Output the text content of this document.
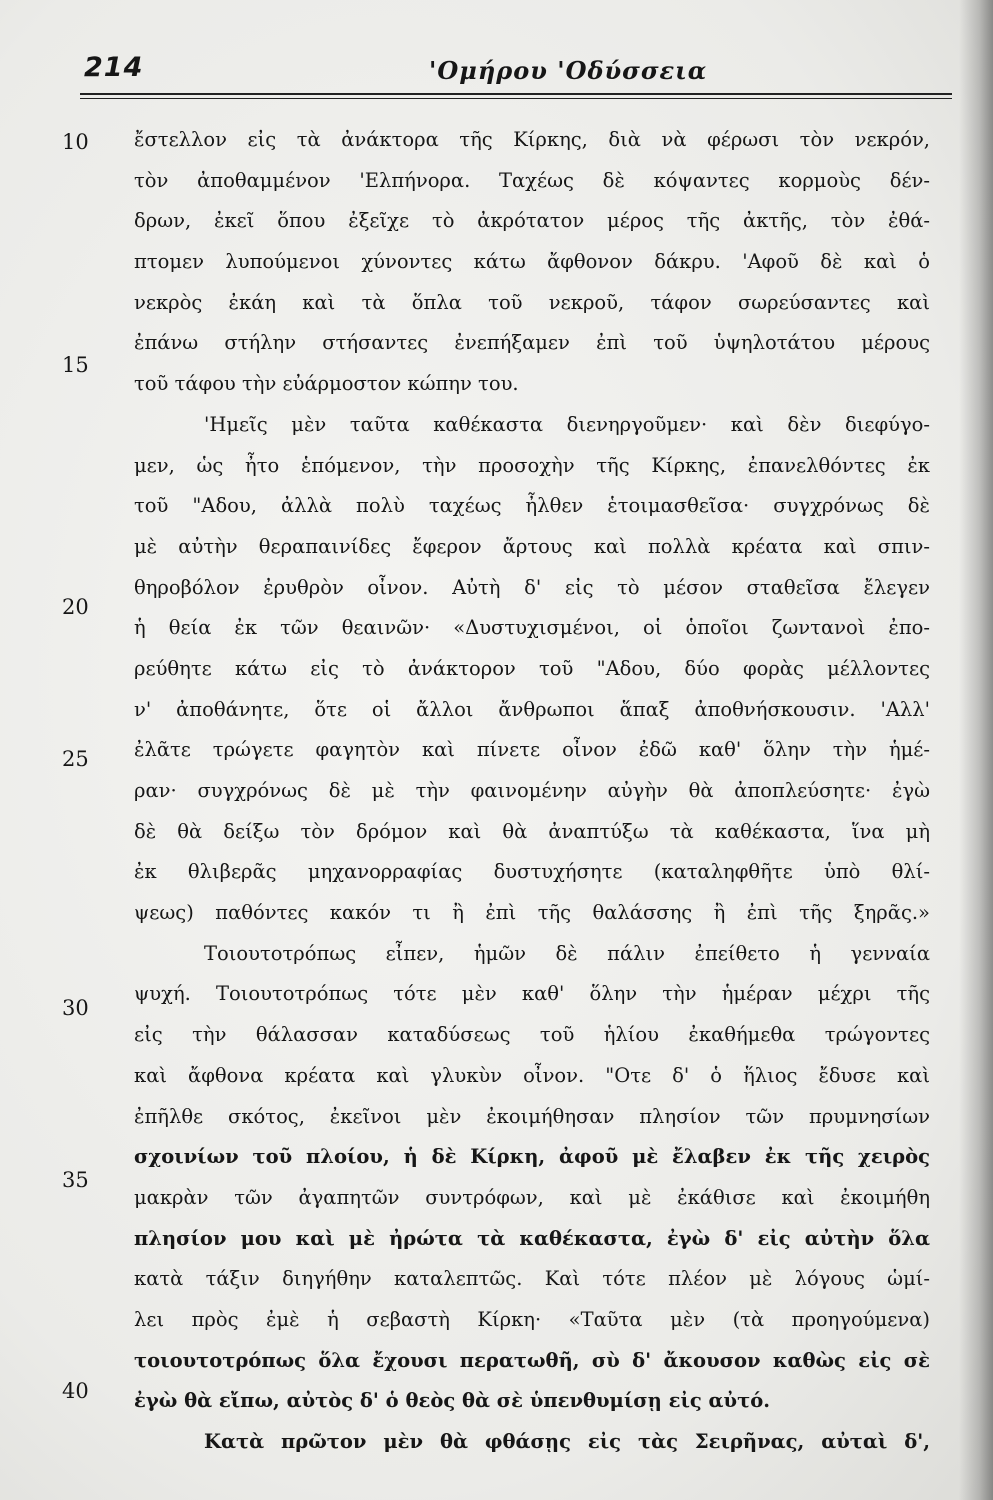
214	'Ομήρου 'Οδύσσεια
10
15
20
25
30
35
40
ἔστελλον εἰς τὰ ἀνάκτορα τῆς Κίρκης, διὰ νὰ φέρωσι τὸν νεκρόν,
τὸν ἀποθαμμένον 'Ελπήνορα. Ταχέως δὲ κόψαντες κορμοὺς δέν-
δρων, ἐκεῖ ὅπου ἐξεῖχε τὸ ἀκρότατον μέρος τῆς ἀκτῆς, τὸν ἐθά-
πτομεν λυπούμενοι χύνοντες κάτω ἄφθονον δάκρυ. 'Αφοῦ δὲ καὶ ὁ
νεκρὸς ἐκάη καὶ τὰ ὅπλα τοῦ νεκροῦ, τάφον σωρεύσαντες καὶ
ἐπάνω στήλην στήσαντες ἐνεπήξαμεν ἐπὶ τοῦ ὑψηλοτάτου μέρους
τοῦ τάφου τὴν εὐάρμοστον κώπην του.
'Ημεῖς μὲν ταῦτα καθέκαστα διενηργοῦμεν· καὶ δὲν διεφύγο-
μεν, ὡς ἦτο ἑπόμενον, τὴν προσοχὴν τῆς Κίρκης, ἐπανελθόντες ἐκ
τοῦ "Αδου, ἀλλὰ πολὺ ταχέως ἦλθεν ἑτοιμασθεῖσα· συγχρόνως δὲ
μὲ αὐτὴν θεραπαινίδες ἔφερον ἄρτους καὶ πολλὰ κρέατα καὶ σπιν-
θηροβόλον ἐρυθρὸν οἶνον. Αὐτὴ δ' εἰς τὸ μέσον σταθεῖσα ἔλεγεν
ἡ θεία ἐκ τῶν θεαινῶν· «Δυστυχισμένοι, οἱ ὁποῖοι ζωντανοὶ ἐπο-
ρεύθητε κάτω εἰς τὸ ἀνάκτορον τοῦ "Αδου, δύο φορὰς μέλλοντες
ν' ἀποθάνητε, ὅτε οἱ ἄλλοι ἄνθρωποι ἅπαξ ἀποθνήσκουσιν. 'Αλλ'
ἐλᾶτε τρώγετε φαγητὸν καὶ πίνετε οἶνον ἐδῶ καθ' ὅλην τὴν ἡμέ-
ραν· συγχρόνως δὲ μὲ τὴν φαινομένην αὐγὴν θὰ ἀποπλεύσητε· ἐγὼ
δὲ θὰ δείξω τὸν δρόμον καὶ θὰ ἀναπτύξω τὰ καθέκαστα, ἵνα μὴ
ἐκ θλιβερᾶς μηχανορραφίας δυστυχήσητε (καταληφθῆτε ὑπὸ θλί-
ψεως) παθόντες κακόν τι ἢ ἐπὶ τῆς θαλάσσης ἢ ἐπὶ τῆς ξηρᾶς.»
Τοιουτοτρόπως εἶπεν, ἡμῶν δὲ πάλιν ἐπείθετο ἡ γενναία
ψυχή. Τοιουτοτρόπως τότε μὲν καθ' ὅλην τὴν ἡμέραν μέχρι τῆς
εἰς τὴν θάλασσαν καταδύσεως τοῦ ἡλίου ἐκαθήμεθα τρώγοντες
καὶ ἄφθονα κρέατα καὶ γλυκὺν οἶνον. "Οτε δ' ὁ ἥλιος ἔδυσε καὶ
ἐπῆλθε σκότος, ἐκεῖνοι μὲν ἐκοιμήθησαν πλησίον τῶν πρυμνησίων
σχοινίων τοῦ πλοίου, ἡ δὲ Κίρκη, ἀφοῦ μὲ ἔλαβεν ἐκ τῆς χειρὸς
μακρὰν τῶν ἀγαπητῶν συντρόφων, καὶ μὲ ἐκάθισε καὶ ἐκοιμήθη
πλησίον μου καὶ μὲ ἠρώτα τὰ καθέκαστα, ἐγὼ δ' εἰς αὐτὴν ὅλα
κατὰ τάξιν διηγήθην καταλεπτῶς. Καὶ τότε πλέον μὲ λόγους ὡμί-
λει πρὸς ἐμὲ ἡ σεβαστὴ Κίρκη· «Ταῦτα μὲν (τὰ προηγούμενα)
τοιουτοτρόπως ὅλα ἔχουσι περατωθῆ, σὺ δ' ἄκουσον καθὼς εἰς σὲ
ἐγὼ θὰ εἴπω, αὐτὸς δ' ὁ θεὸς θὰ σὲ ὑπενθυμίσῃ εἰς αὐτό.
Κατὰ πρῶτον μὲν θὰ φθάσῃς εἰς τὰς Σειρῆνας, αὐταὶ δ',
